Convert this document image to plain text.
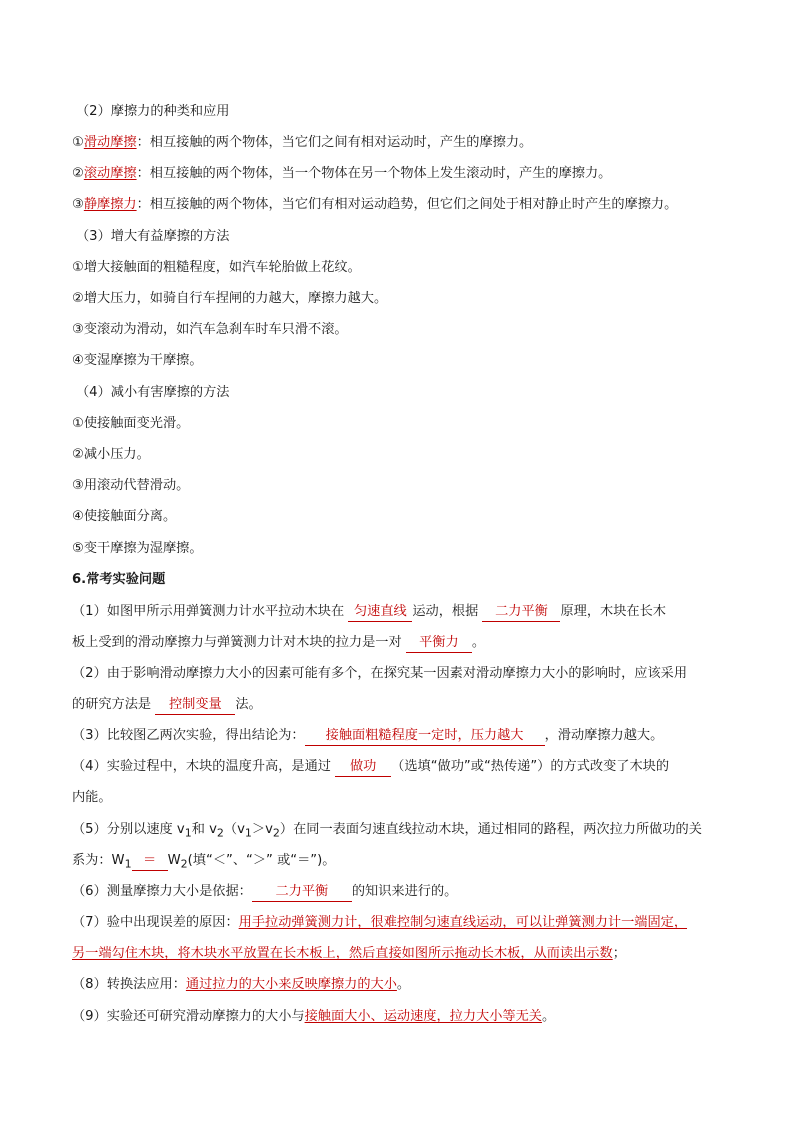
（2）摩擦力的种类和应用
①滑动摩擦：相互接触的两个物体，当它们之间有相对运动时，产生的摩擦力。
②滚动摩擦：相互接触的两个物体，当一个物体在另一个物体上发生滚动时，产生的摩擦力。
③静摩擦力：相互接触的两个物体，当它们有相对运动趋势，但它们之间处于相对静止时产生的摩擦力。
（3）增大有益摩擦的方法
①增大接触面的粗糙程度，如汽车轮胎做上花纹。
②增大压力，如骑自行车捏闸的力越大，摩擦力越大。
③变滚动为滑动，如汽车急刹车时车只滑不滚。
④变湿摩擦为干摩擦。
（4）减小有害摩擦的方法
①使接触面变光滑。
②减小压力。
③用滚动代替滑动。
④使接触面分离。
⑤变干摩擦为湿摩擦。
6.常考实验问题
（1）如图甲所示用弹簧测力计水平拉动木块在 匀速直线 运动，根据 二力平衡 原理，木块在长木
板上受到的滑动摩擦力与弹簧测力计对木块的拉力是一对 平衡力 。
（2）由于影响滑动摩擦力大小的因素可能有多个，在探究某一因素对滑动摩擦力大小的影响时，应该采用
的研究方法是 控制变量 法。
（3）比较图乙两次实验，得出结论为： 接触面粗糙程度一定时，压力越大 ，滑动摩擦力越大。
（4）实验过程中，木块的温度升高，是通过 做功 （选填“做功”或“热传递”）的方式改变了木块的
内能。
（5）分别以速度 $v_1$和 $v_2(v_1>v_2)$在同一表面匀速直线拉动木块，通过相同的路程，两次拉力所做功的关
系为：$W_1 = W_2$(填“＜”、“＞” 或“＝”)。
（6）测量摩擦力大小是依据： 二力平衡 的知识来进行的。
（7）验中出现误差的原因：用手拉动弹簧测力计，很难控制匀速直线运动，可以让弹簧测力计一端固定，
另一端勾住木块，将木块水平放置在长木板上，然后直接如图所示拖动长木板，从而读出示数；
（8）转换法应用：通过拉力的大小来反映摩擦力的大小。
（9）实验还可研究滑动摩擦力的大小与接触面大小、运动速度，拉力大小等无关。
